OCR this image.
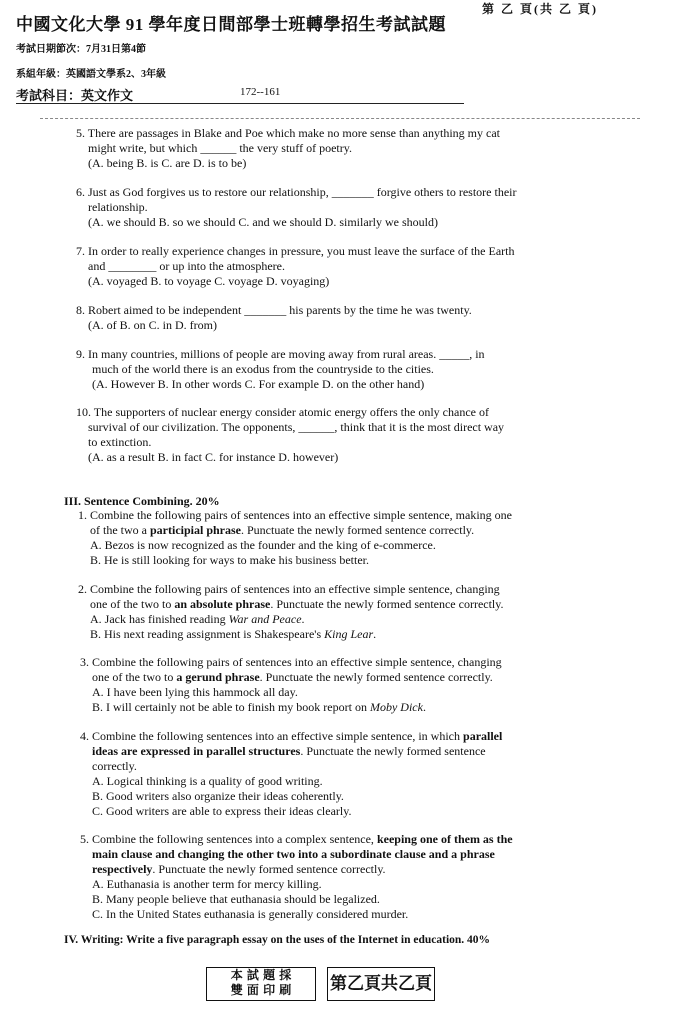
中國文化大學 91 學年度日間部學士班轉學招生考試試題
第 乙 頁(共 乙 頁)
考試日期節次：7月31日第4節
系組年級：英國語文學系2、3年級
考試科目：英文作文	172--161
5. There are passages in Blake and Poe which make no more sense than anything my cat
might write, but which ______ the very stuff of poetry.
(A. being B. is C. are D. is to be)
6. Just as God forgives us to restore our relationship, _______ forgive others to restore their
relationship.
(A. we should B. so we should C. and we should D. similarly we should)
7. In order to really experience changes in pressure, you must leave the surface of the Earth
and ________ or up into the atmosphere.
(A. voyaged B. to voyage C. voyage D. voyaging)
8. Robert aimed to be independent _______ his parents by the time he was twenty.
(A. of B. on C. in D. from)
9. In many countries, millions of people are moving away from rural areas. _____, in
much of the world there is an exodus from the countryside to the cities.
(A. However B. In other words C. For example D. on the other hand)
10. The supporters of nuclear energy consider atomic energy offers the only chance of
survival of our civilization. The opponents, ______, think that it is the most direct way
to extinction.
(A. as a result B. in fact C. for instance D. however)
III. Sentence Combining. 20%
1. Combine the following pairs of sentences into an effective simple sentence, making one
of the two a participial phrase. Punctuate the newly formed sentence correctly.
A. Bezos is now recognized as the founder and the king of e-commerce.
B. He is still looking for ways to make his business better.
2. Combine the following pairs of sentences into an effective simple sentence, changing
one of the two to an absolute phrase. Punctuate the newly formed sentence correctly.
A. Jack has finished reading War and Peace.
B. His next reading assignment is Shakespeare's King Lear.
3. Combine the following pairs of sentences into an effective simple sentence, changing
one of the two to a gerund phrase. Punctuate the newly formed sentence correctly.
A. I have been lying this hammock all day.
B. I will certainly not be able to finish my book report on Moby Dick.
4. Combine the following sentences into an effective simple sentence, in which parallel
ideas are expressed in parallel structures. Punctuate the newly formed sentence
correctly.
A. Logical thinking is a quality of good writing.
B. Good writers also organize their ideas coherently.
C. Good writers are able to express their ideas clearly.
5. Combine the following sentences into a complex sentence, keeping one of them as the
main clause and changing the other two into a subordinate clause and a phrase
respectively. Punctuate the newly formed sentence correctly.
A. Euthanasia is another term for mercy killing.
B. Many people believe that euthanasia should be legalized.
C. In the United States euthanasia is generally considered murder.
IV. Writing: Write a five paragraph essay on the uses of the Internet in education. 40%
本 試 題 採
雙 面 印 刷	第乙頁共乙頁
